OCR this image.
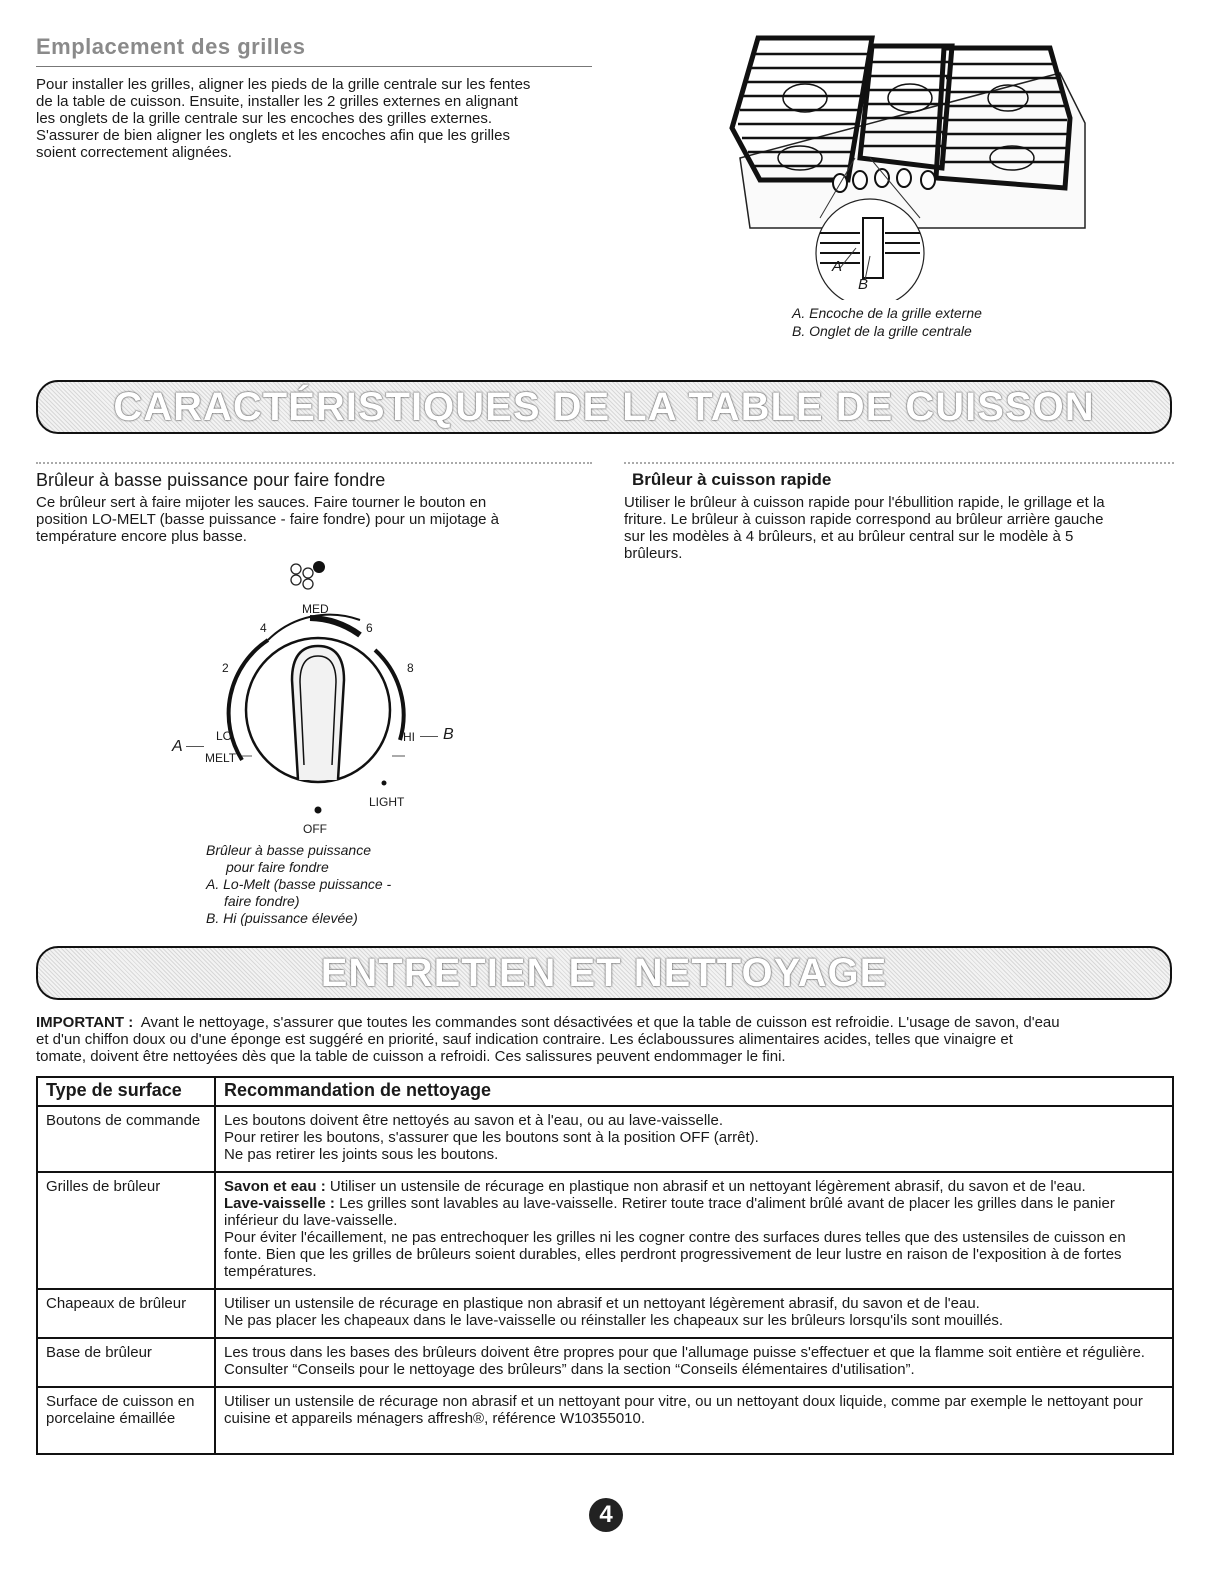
Emplacement des grilles
Pour installer les grilles, aligner les pieds de la grille centrale sur les fentes
de la table de cuisson. Ensuite, installer les 2 grilles externes en alignant
les onglets de la grille centrale sur les encoches des grilles externes.
S'assurer de bien aligner les onglets et les encoches afin que les grilles
soient correctement alignées.
A
B
A. Encoche de la grille externe
B. Onglet de la grille centrale
CARACTÉRISTIQUES DE LA TABLE DE CUISSON
Brûleur à basse puissance pour faire fondre
Ce brûleur sert à faire mijoter les sauces. Faire tourner le bouton en
position LO-MELT (basse puissance - faire fondre) pour un mijotage à
température encore plus basse.
MED
4	6
2	8
LO
MELT
HI
LIGHT
OFF
A
B
Brûleur à basse puissance
pour faire fondre
A. Lo-Melt (basse puissance -
faire fondre)
B. Hi (puissance élevée)
Brûleur à cuisson rapide
Utiliser le brûleur à cuisson rapide pour l'ébullition rapide, le grillage et la
friture. Le brûleur à cuisson rapide correspond au brûleur arrière gauche
sur les modèles à 4 brûleurs, et au brûleur central sur le modèle à 5
brûleurs.
ENTRETIEN ET NETTOYAGE
IMPORTANT : Avant le nettoyage, s'assurer que toutes les commandes sont désactivées et que la table de cuisson est refroidie. L'usage de savon, d'eau
et d'un chiffon doux ou d'une éponge est suggéré en priorité, sauf indication contraire. Les éclaboussures alimentaires acides, telles que vinaigre et
tomate, doivent être nettoyées dès que la table de cuisson a refroidi. Ces salissures peuvent endommager le fini.
Type de surface	Recommandation de nettoyage
Boutons de commande	Les boutons doivent être nettoyés au savon et à l'eau, ou au lave-vaisselle.
Pour retirer les boutons, s'assurer que les boutons sont à la position OFF (arrêt).
Ne pas retirer les joints sous les boutons.

Grilles de brûleur	Savon et eau : Utiliser un ustensile de récurage en plastique non abrasif et un nettoyant légèrement abrasif, du savon et de l'eau.
Lave-vaisselle : Les grilles sont lavables au lave-vaisselle. Retirer toute trace d'aliment brûlé avant de placer les grilles dans le panier inférieur du lave-vaisselle.
Pour éviter l'écaillement, ne pas entrechoquer les grilles ni les cogner contre des surfaces dures telles que des ustensiles de cuisson en fonte. Bien que les grilles de brûleurs soient durables, elles perdront progressivement de leur lustre en raison de l'exposition à de fortes températures.

Chapeaux de brûleur	Utiliser un ustensile de récurage en plastique non abrasif et un nettoyant légèrement abrasif, du savon et de l'eau.
Ne pas placer les chapeaux dans le lave-vaisselle ou réinstaller les chapeaux sur les brûleurs lorsqu'ils sont mouillés.

Base de brûleur	Les trous dans les bases des brûleurs doivent être propres pour que l'allumage puisse s'effectuer et que la flamme soit entière et régulière.
Consulter “Conseils pour le nettoyage des brûleurs” dans la section “Conseils élémentaires d'utilisation”.

Surface de cuisson en porcelaine émaillée	Utiliser un ustensile de récurage non abrasif et un nettoyant pour vitre, ou un nettoyant doux liquide, comme par exemple le nettoyant pour cuisine et appareils ménagers affresh®, référence W10355010.
4
